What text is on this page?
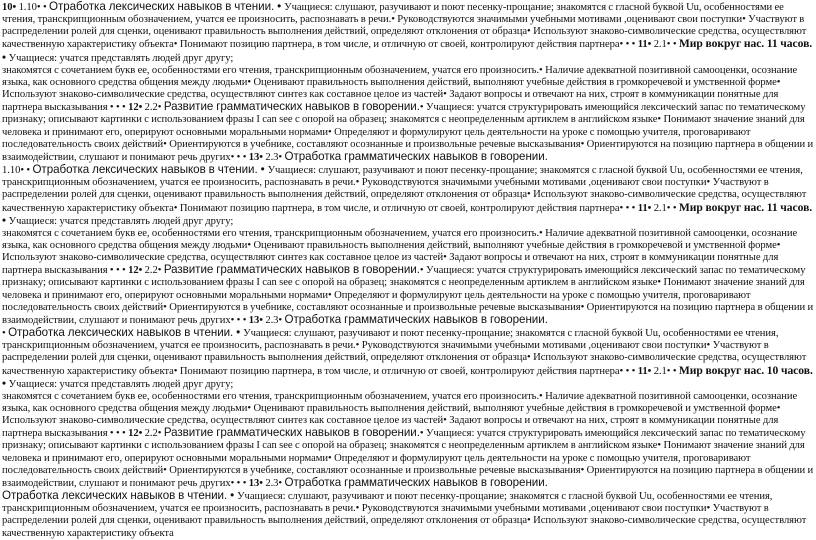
10• 1.10• • Отработка лексических навыков в чтении. • Учащиеся: слушают, разучивают и поют песенку-прощание; знакомятся с гласной буквой Uu, особенностями ее чтения, транскрипционным обозначением, учатся ее произносить, распознавать в речи.• Руководствуются значимыми учебными мотивами ,оценивают свои поступки• Участвуют в распределении ролей для сценки, оценивают правильность выполнения действий, определяют отклонения от образца• Используют знаково-символические средства, осуществляют качественную характеристику объекта• Понимают позицию партнера, в том числе, и отличную от своей, контролируют действия партнера• • • 11• 2.1• • Мир вокруг нас. 11 часов. • Учащиеся: учатся представлять людей друг другу;

знакомятся с сочетанием букв ее, особенностями его чтения, транскрипционным обозначением, учатся его произносить.• Наличие адекватной позитивной самооценки, осознание языка, как основного средства общения между людьми• Оценивают правильность выполнения действий, выполняют учебные действия в громкоречевой и умственной форме• Используют знаково-символические средства, осуществляют синтез как составное целое из частей• Задают вопросы и отвечают на них, строят в коммуникации понятные для партнера высказывания • • • 12• 2.2• Развитие грамматических навыков в говорении.• Учащиеся: учатся структурировать имеющийся лексический запас по тематическому признаку; описывают картинки с использованием фразы I can see с опорой на образец; знакомятся с неопределенным артиклем в английском языке• Понимают значение знаний для человека и принимают его, оперируют основными моральными нормами• Определяют и формулируют цель деятельности на уроке с помощью учителя, проговаривают последовательность своих действий• Ориентируются в учебнике, составляют осознанные и произвольные речевые высказывания• Ориентируются на позицию партнера в общении и взаимодействии, слушают и понимают речь других• • • 13• 2.3• Отработка грамматических навыков в говорении.

1.10• • Отработка лексических навыков в чтении. • Учащиеся: слушают, разучивают и поют песенку-прощание; знакомятся с гласной буквой Uu, особенностями ее чтения, транскрипционным обозначением, учатся ее произносить, распознавать в речи.• Руководствуются значимыми учебными мотивами ,оценивают свои поступки• Участвуют в распределении ролей для сценки, оценивают правильность выполнения действий, определяют отклонения от образца• Используют знаково-символические средства, осуществляют качественную характеристику объекта• Понимают позицию партнера, в том числе, и отличную от своей, контролируют действия партнера• • • 11• 2.1• • Мир вокруг нас. 11 часов. • Учащиеся: учатся представлять людей друг другу;

знакомятся с сочетанием букв ее, особенностями его чтения, транскрипционным обозначением, учатся его произносить.• Наличие адекватной позитивной самооценки, осознание языка, как основного средства общения между людьми• Оценивают правильность выполнения действий, выполняют учебные действия в громкоречевой и умственной форме• Используют знаково-символические средства, осуществляют синтез как составное целое из частей• Задают вопросы и отвечают на них, строят в коммуникации понятные для партнера высказывания • • • 12• 2.2• Развитие грамматических навыков в говорении.• Учащиеся: учатся структурировать имеющийся лексический запас по тематическому признаку; описывают картинки с использованием фразы I can see с опорой на образец; знакомятся с неопределенным артиклем в английском языке• Понимают значение знаний для человека и принимают его, оперируют основными моральными нормами• Определяют и формулируют цель деятельности на уроке с помощью учителя, проговаривают последовательность своих действий• Ориентируются в учебнике, составляют осознанные и произвольные речевые высказывания• Ориентируются на позицию партнера в общении и взаимодействии, слушают и понимают речь других• • • 13• 2.3• Отработка грамматических навыков в говорении.

• Отработка лексических навыков в чтении. • Учащиеся: слушают, разучивают и поют песенку-прощание; знакомятся с гласной буквой Uu, особенностями ее чтения, транскрипционным обозначением, учатся ее произносить, распознавать в речи.• Руководствуются значимыми учебными мотивами ,оценивают свои поступки• Участвуют в распределении ролей для сценки, оценивают правильность выполнения действий, определяют отклонения от образца• Используют знаково-символические средства, осуществляют качественную характеристику объекта• Понимают позицию партнера, в том числе, и отличную от своей, контролируют действия партнера• • • 11• 2.1• • Мир вокруг нас. 10 часов. • Учащиеся: учатся представлять людей друг другу;

знакомятся с сочетанием букв ее, особенностями его чтения, транскрипционным обозначением, учатся его произносить.• Наличие адекватной позитивной самооценки, осознание языка, как основного средства общения между людьми• Оценивают правильность выполнения действий, выполняют учебные действия в громкоречевой и умственной форме• Используют знаково-символические средства, осуществляют синтез как составное целое из частей• Задают вопросы и отвечают на них, строят в коммуникации понятные для партнера высказывания • • • 12• 2.2• Развитие грамматических навыков в говорении.• Учащиеся: учатся структурировать имеющийся лексический запас по тематическому признаку; описывают картинки с использованием фразы I can see с опорой на образец; знакомятся с неопределенным артиклем в английском языке• Понимают значение знаний для человека и принимают его, оперируют основными моральными нормами• Определяют и формулируют цель деятельности на уроке с помощью учителя, проговаривают последовательность своих действий• Ориентируются в учебнике, составляют осознанные и произвольные речевые высказывания• Ориентируются на позицию партнера в общении и взаимодействии, слушают и понимают речь других• • • 13• 2.3• Отработка грамматических навыков в говорении.

Отработка лексических навыков в чтении. • Учащиеся: слушают, разучивают и поют песенку-прощание; знакомятся с гласной буквой Uu, особенностями ее чтения, транскрипционным обозначением, учатся ее произносить, распознавать в речи.• Руководствуются значимыми учебными мотивами ,оценивают свои поступки• Участвуют в распределении ролей для сценки, оценивают правильность выполнения действий, определяют отклонения от образца• Используют знаково-символические средства, осуществляют качественную характеристику объекта
